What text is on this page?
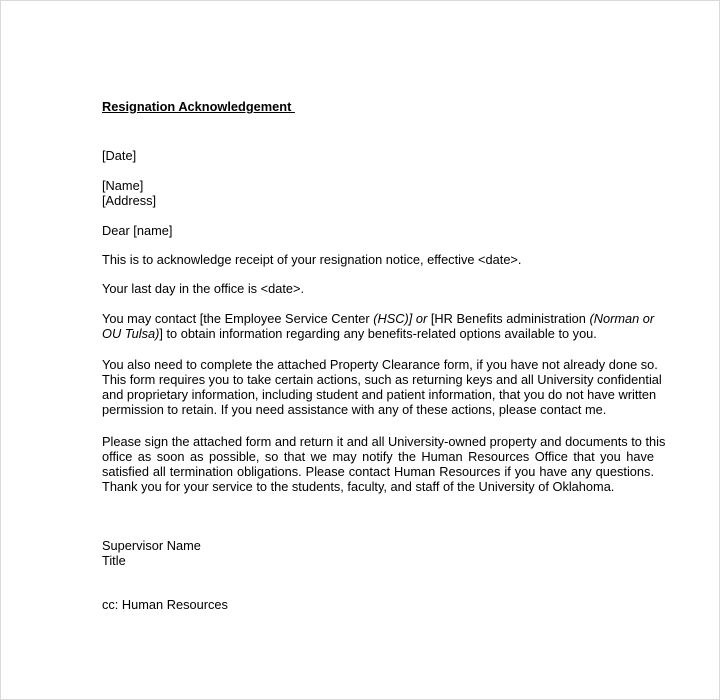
Resignation Acknowledgement
[Date]
[Name]
[Address]
Dear [name]
This is to acknowledge receipt of your resignation notice, effective <date>.
Your last day in the office is <date>.
You may contact [the Employee Service Center (HSC)] or [HR Benefits administration (Norman or
OU Tulsa)] to obtain information regarding any benefits-related options available to you.
You also need to complete the attached Property Clearance form, if you have not already done so.
This form requires you to take certain actions, such as returning keys and all University confidential
and proprietary information, including student and patient information, that you do not have written
permission to retain. If you need assistance with any of these actions, please contact me.
Please sign the attached form and return it and all University-owned property and documents to this
office as soon as possible, so that we may notify the Human Resources Office that you have
satisfied all termination obligations. Please contact Human Resources if you have any questions.
Thank you for your service to the students, faculty, and staff of the University of Oklahoma.
Supervisor Name
Title
cc: Human Resources
